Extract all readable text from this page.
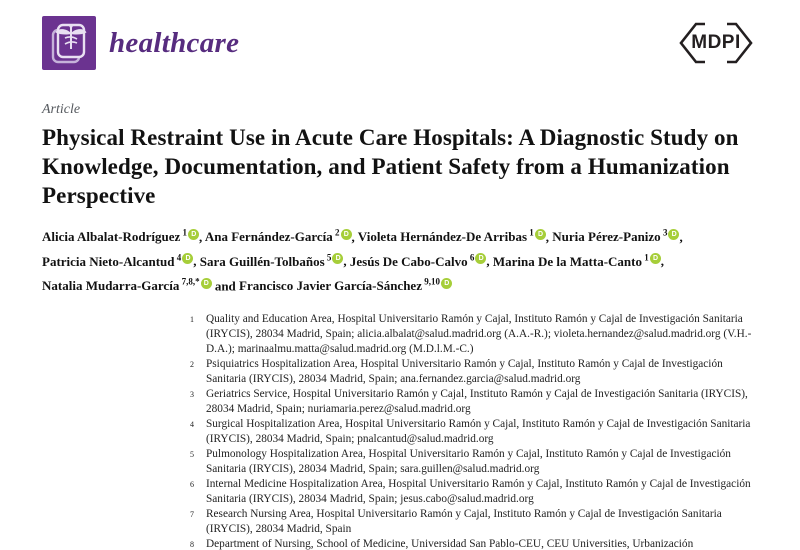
healthcare	MDPI
Article
Physical Restraint Use in Acute Care Hospitals: A Diagnostic Study on Knowledge, Documentation, and Patient Safety from a Humanization Perspective

Alicia Albalat-Rodríguez $^1$ D , Ana Fernández-García $^2$ D , Violeta Hernández-De Arribas $^1$ D , Nuria Pérez-Panizo $^3$ D , Patricia Nieto-Alcantud $^4$ D , Sara Guillén-Tolbaños $^5$ D , Jesús De Cabo-Calvo $^6$ D , Marina De la Matta-Canto $^1$ D , Natalia Mudarra-García $^{7,8,*}$ D and Francisco Javier García-Sánchez $^{9,10}$ D

1 Quality and Education Area, Hospital Universitario Ramón y Cajal, Instituto Ramón y Cajal de Investigación Sanitaria (IRYCIS), 28034 Madrid, Spain; alicia.albalat@salud.madrid.org (A.A.-R.); violeta.hernandez@salud.madrid.org (V.H.-D.A.); marinaalmu.matta@salud.madrid.org (M.D.l.M.-C.)
2 Psiquiatrics Hospitalization Area, Hospital Universitario Ramón y Cajal, Instituto Ramón y Cajal de Investigación Sanitaria (IRYCIS), 28034 Madrid, Spain; ana.fernandez.garcia@salud.madrid.org
3 Geriatrics Service, Hospital Universitario Ramón y Cajal, Instituto Ramón y Cajal de Investigación Sanitaria (IRYCIS), 28034 Madrid, Spain; nuriamaria.perez@salud.madrid.org
4 Surgical Hospitalization Area, Hospital Universitario Ramón y Cajal, Instituto Ramón y Cajal de Investigación Sanitaria (IRYCIS), 28034 Madrid, Spain; pnalcantud@salud.madrid.org
5 Pulmonology Hospitalization Area, Hospital Universitario Ramón y Cajal, Instituto Ramón y Cajal de Investigación Sanitaria (IRYCIS), 28034 Madrid, Spain; sara.guillen@salud.madrid.org
6 Internal Medicine Hospitalization Area, Hospital Universitario Ramón y Cajal, Instituto Ramón y Cajal de Investigación Sanitaria (IRYCIS), 28034 Madrid, Spain; jesus.cabo@salud.madrid.org
7 Research Nursing Area, Hospital Universitario Ramón y Cajal, Instituto Ramón y Cajal de Investigación Sanitaria (IRYCIS), 28034 Madrid, Spain
8 Department of Nursing, School of Medicine, Universidad San Pablo-CEU, CEU Universities, Urbanización
